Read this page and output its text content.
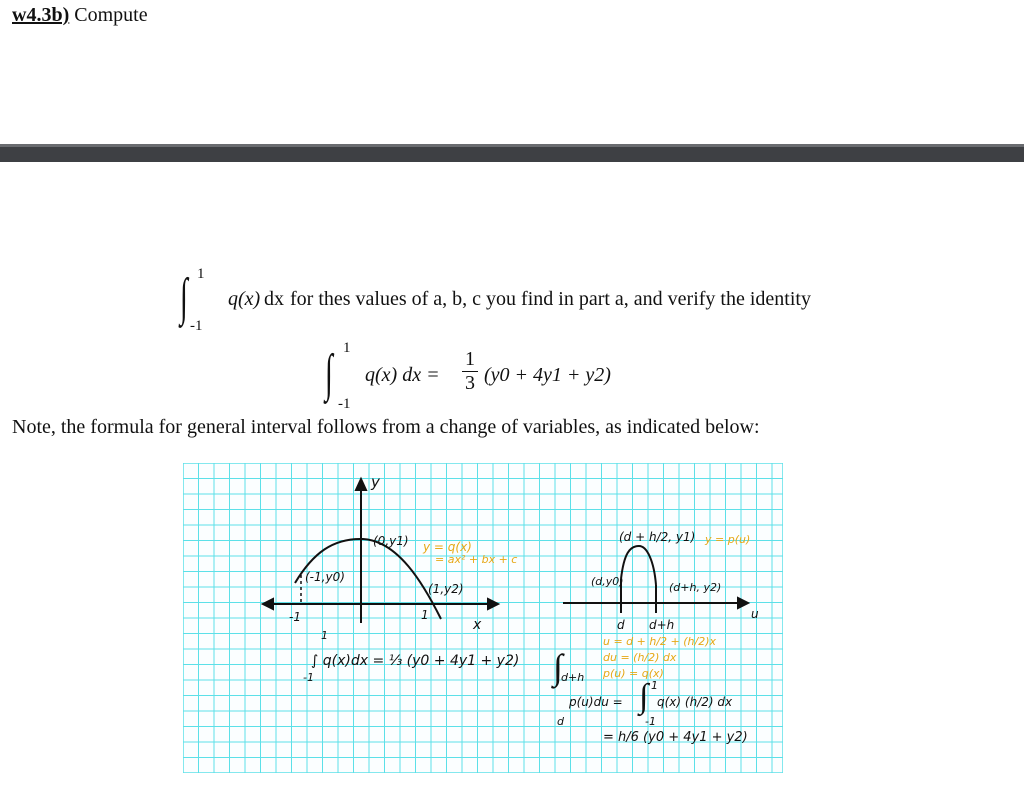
w4.3b) Compute
∫ 1
-1
q(x) dx for thes values of a, b, c you find in part a, and verify the identity
∫ 1
-1
q(x) dx =
1
3 (y0 + 4y1 + y2)
Note, the formula for general interval follows from a change of variables, as indicated below:
y
x
-1	1
(-1,y0)
(0,y1)
(1,y2)
y = q(x)
= ax² + bx + c
∫ q(x)dx = ⅓ (y0 + 4y1 + y2)
1
-1
(d + h/2, y1)
(d,y0)	(d+h, y2)
y = p(u)
u
d d+h
u = d + h/2 + (h/2)x
du = (h/2) dx
p(u) = q(x)
∫
d+h
d
p(u)du = ∫ 1
-1
q(x) (h/2) dx
= h/6 (y0 + 4y1 + y2)
